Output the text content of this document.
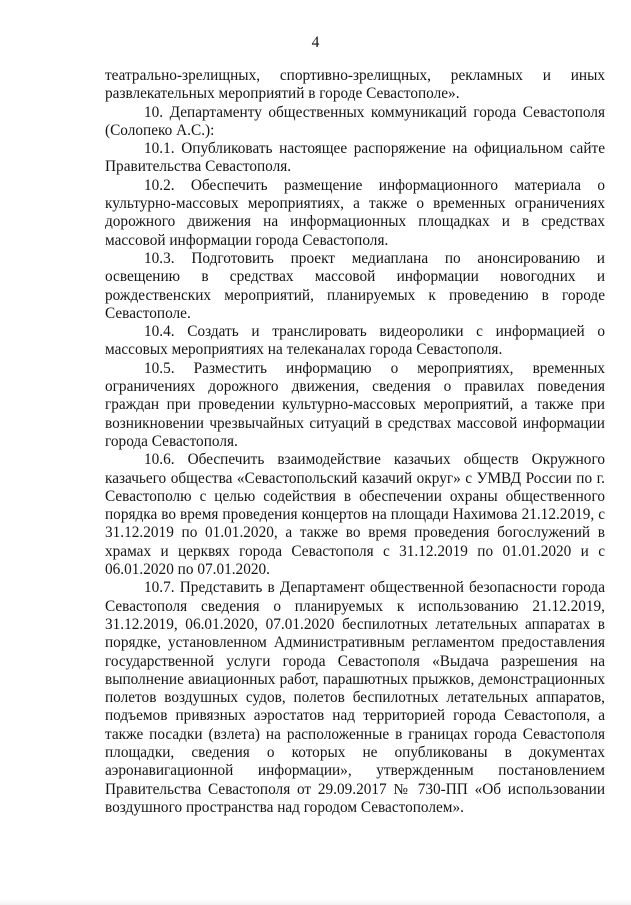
4

театрально-зрелищных, спортивно-зрелищных, рекламных и иных развлекательных мероприятий в городе Севастополе».

10. Департаменту общественных коммуникаций города Севастополя (Солопеко А.С.):

10.1. Опубликовать настоящее распоряжение на официальном сайте Правительства Севастополя.

10.2. Обеспечить размещение информационного материала о культурно-массовых мероприятиях, а также о временных ограничениях дорожного движения на информационных площадках и в средствах массовой информации города Севастополя.

10.3. Подготовить проект медиаплана по анонсированию и освещению в средствах массовой информации новогодних и рождественских мероприятий, планируемых к проведению в городе Севастополе.

10.4. Создать и транслировать видеоролики с информацией о массовых мероприятиях на телеканалах города Севастополя.

10.5. Разместить информацию о мероприятиях, временных ограничениях дорожного движения, сведения о правилах поведения граждан при проведении культурно-массовых мероприятий, а также при возникновении чрезвычайных ситуаций в средствах массовой информации города Севастополя.

10.6. Обеспечить взаимодействие казачьих обществ Окружного казачьего общества «Севастопольский казачий округ» с УМВД России по г. Севастополю с целью содействия в обеспечении охраны общественного порядка во время проведения концертов на площади Нахимова 21.12.2019, с 31.12.2019 по 01.01.2020, а также во время проведения богослужений в храмах и церквях города Севастополя с 31.12.2019 по 01.01.2020 и с 06.01.2020 по 07.01.2020.

10.7. Представить в Департамент общественной безопасности города Севастополя сведения о планируемых к использованию 21.12.2019, 31.12.2019, 06.01.2020, 07.01.2020 беспилотных летательных аппаратах в порядке, установленном Административным регламентом предоставления государственной услуги города Севастополя «Выдача разрешения на выполнение авиационных работ, парашютных прыжков, демонстрационных полетов воздушных судов, полетов беспилотных летательных аппаратов, подъемов привязных аэростатов над территорией города Севастополя, а также посадки (взлета) на расположенные в границах города Севастополя площадки, сведения о которых не опубликованы в документах аэронавигационной информации», утвержденным постановлением Правительства Севастополя от 29.09.2017 № 730-ПП «Об использовании воздушного пространства над городом Севастополем».
